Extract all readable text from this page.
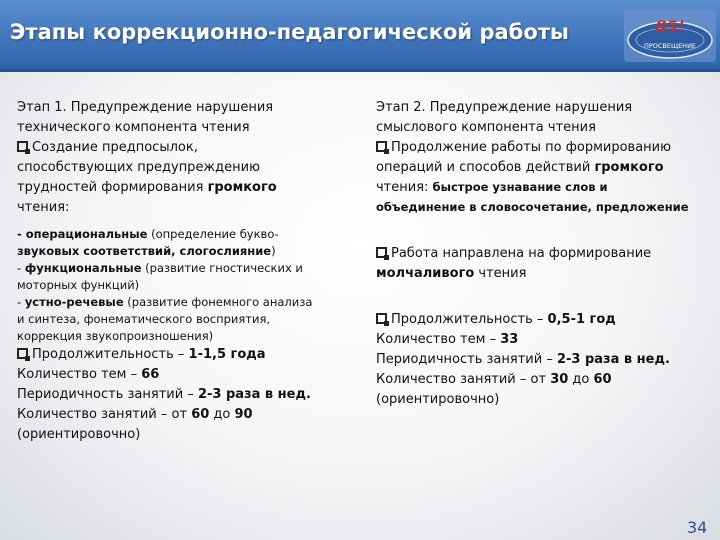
Этапы коррекционно-педагогической работы	85!
ПРОСВЕЩЕНИЕ

Этап 1. Предупреждение нарушения
технического компонента чтения

Создание предпосылок,
способствующих предупреждению
трудностей формирования громкого
чтения:

- операциональные (определение букво-
звуковых соответствий, слогослияние)
- функциональные (развитие гностических и
моторных функций)
- устно-речевые (развитие фонемного анализа
и синтеза, фонематического восприятия,
коррекция звукопроизношения)

Продолжительность – 1-1,5 года
Количество тем – 66
Периодичность занятий – 2-3 раза в нед.
Количество занятий – от 60 до 90
(ориентировочно)

Этап 2. Предупреждение нарушения
смыслового компонента чтения

Продолжение работы по формированию
операций и способов действий громкого
чтения: быстрое узнавание слов и
объединение в словосочетание, предложение

Работа направлена на формирование
молчаливого чтения

Продолжительность – 0,5-1 год
Количество тем – 33
Периодичность занятий – 2-3 раза в нед.
Количество занятий – от 30 до 60
(ориентировочно)

34
